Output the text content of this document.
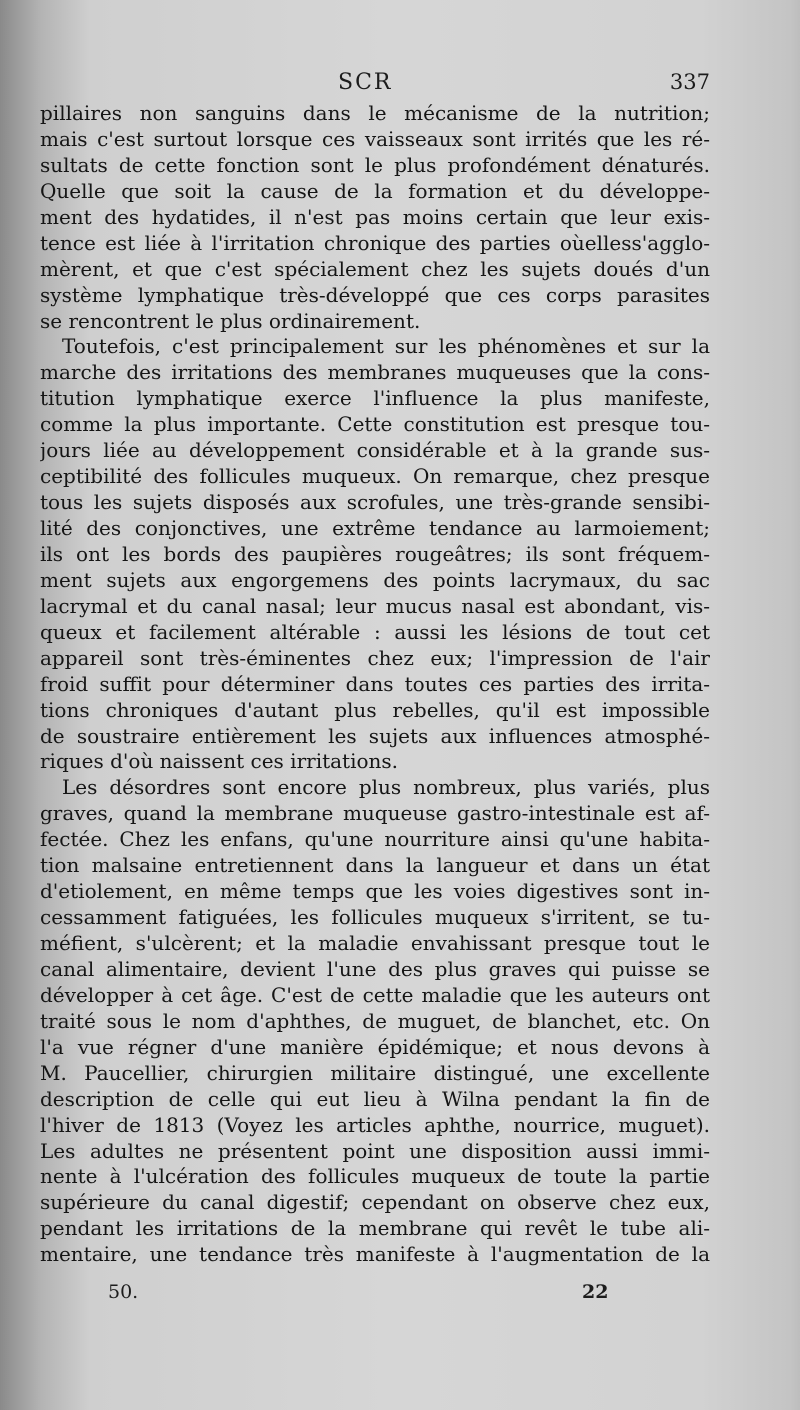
SCR	337
pillaires non sanguins dans le mécanisme de la nutrition;
mais c'est surtout lorsque ces vaisseaux sont irrités que les ré-
sultats de cette fonction sont le plus profondément dénaturés.
Quelle que soit la cause de la formation et du développe-
ment des hydatides, il n'est pas moins certain que leur exis-
tence est liée à l'irritation chronique des parties oùelless'agglo-
mèrent, et que c'est spécialement chez les sujets doués d'un
système lymphatique très-développé que ces corps parasites
se rencontrent le plus ordinairement.
Toutefois, c'est principalement sur les phénomènes et sur la
marche des irritations des membranes muqueuses que la cons-
titution lymphatique exerce l'influence la plus manifeste,
comme la plus importante. Cette constitution est presque tou-
jours liée au développement considérable et à la grande sus-
ceptibilité des follicules muqueux. On remarque, chez presque
tous les sujets disposés aux scrofules, une très-grande sensibi-
lité des conjonctives, une extrême tendance au larmoiement;
ils ont les bords des paupières rougeâtres; ils sont fréquem-
ment sujets aux engorgemens des points lacrymaux, du sac
lacrymal et du canal nasal; leur mucus nasal est abondant, vis-
queux et facilement altérable : aussi les lésions de tout cet
appareil sont très-éminentes chez eux; l'impression de l'air
froid suffit pour déterminer dans toutes ces parties des irrita-
tions chroniques d'autant plus rebelles, qu'il est impossible
de soustraire entièrement les sujets aux influences atmosphé-
riques d'où naissent ces irritations.
Les désordres sont encore plus nombreux, plus variés, plus
graves, quand la membrane muqueuse gastro-intestinale est af-
fectée. Chez les enfans, qu'une nourriture ainsi qu'une habita-
tion malsaine entretiennent dans la langueur et dans un état
d'etiolement, en même temps que les voies digestives sont in-
cessamment fatiguées, les follicules muqueux s'irritent, se tu-
méfient, s'ulcèrent; et la maladie envahissant presque tout le
canal alimentaire, devient l'une des plus graves qui puisse se
développer à cet âge. C'est de cette maladie que les auteurs ont
traité sous le nom d'aphthes, de muguet, de blanchet, etc. On
l'a vue régner d'une manière épidémique; et nous devons à
M. Paucellier, chirurgien militaire distingué, une excellente
description de celle qui eut lieu à Wilna pendant la fin de
l'hiver de 1813 (Voyez les articles aphthe, nourrice, muguet).
Les adultes ne présentent point une disposition aussi immi-
nente à l'ulcération des follicules muqueux de toute la partie
supérieure du canal digestif; cependant on observe chez eux,
pendant les irritations de la membrane qui revêt le tube ali-
mentaire, une tendance très manifeste à l'augmentation de la
50.	22
